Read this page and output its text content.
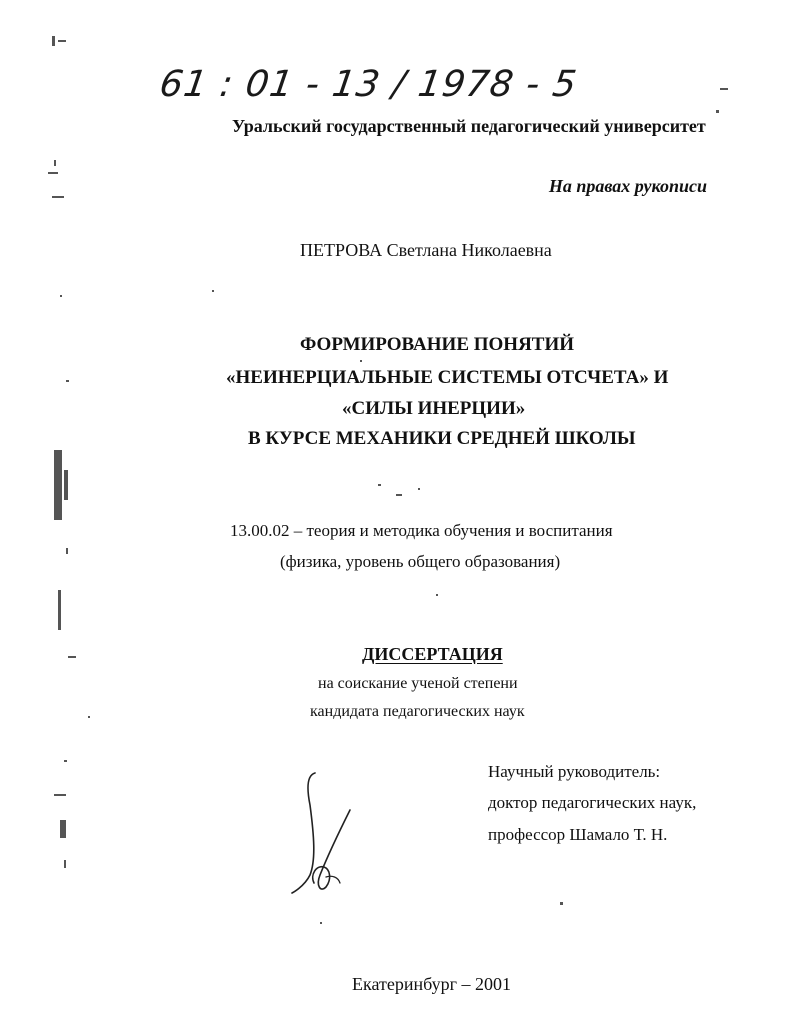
61 : 01 - 13 / 1978 - 5
Уральский государственный педагогический университет
На правах рукописи
ПЕТРОВА Светлана Николаевна
ФОРМИРОВАНИЕ ПОНЯТИЙ
«НЕИНЕРЦИАЛЬНЫЕ СИСТЕМЫ ОТСЧЕТА» И
«СИЛЫ ИНЕРЦИИ»
В КУРСЕ МЕХАНИКИ СРЕДНЕЙ ШКОЛЫ
13.00.02 – теория и методика обучения и воспитания
(физика, уровень общего образования)
ДИССЕРТАЦИЯ
на соискание ученой степени
кандидата педагогических наук
Научный руководитель:
доктор педагогических наук,
профессор Шамало Т. Н.
Екатеринбург – 2001
